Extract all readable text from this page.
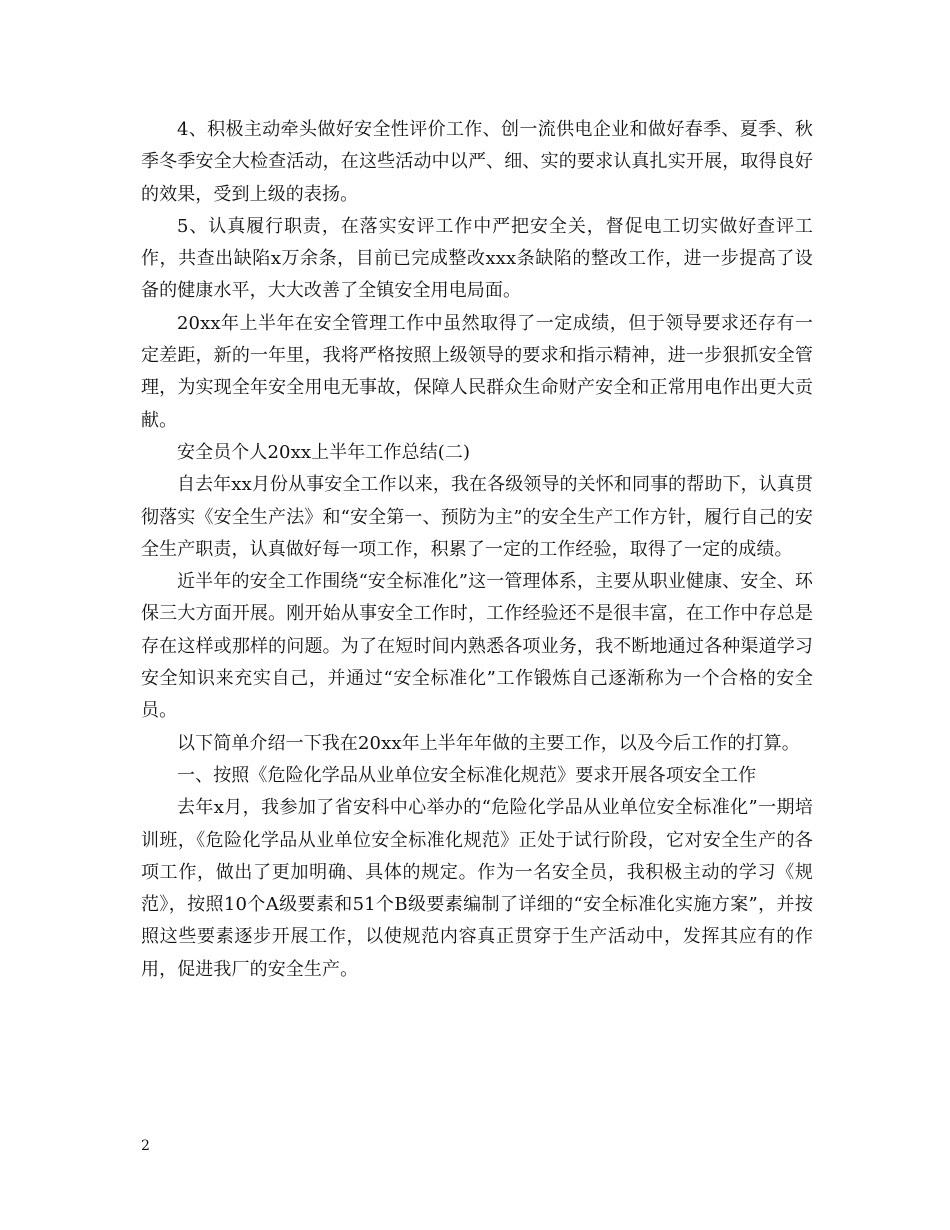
4、积极主动牵头做好安全性评价工作、创一流供电企业和做好春季、夏季、秋季冬季安全大检查活动，在这些活动中以严、细、实的要求认真扎实开展，取得良好的效果，受到上级的表扬。

5、认真履行职责，在落实安评工作中严把安全关，督促电工切实做好查评工作，共查出缺陷x万余条，目前已完成整改xxx条缺陷的整改工作，进一步提高了设备的健康水平，大大改善了全镇安全用电局面。

20xx年上半年在安全管理工作中虽然取得了一定成绩，但于领导要求还存有一定差距，新的一年里，我将严格按照上级领导的要求和指示精神，进一步狠抓安全管理，为实现全年安全用电无事故，保障人民群众生命财产安全和正常用电作出更大贡献。

安全员个人20xx上半年工作总结(二)

自去年xx月份从事安全工作以来，我在各级领导的关怀和同事的帮助下，认真贯彻落实《安全生产法》和“安全第一、预防为主”的安全生产工作方针，履行自己的安全生产职责，认真做好每一项工作，积累了一定的工作经验，取得了一定的成绩。

近半年的安全工作围绕“安全标准化”这一管理体系，主要从职业健康、安全、环保三大方面开展。刚开始从事安全工作时，工作经验还不是很丰富，在工作中存总是存在这样或那样的问题。为了在短时间内熟悉各项业务，我不断地通过各种渠道学习安全知识来充实自己，并通过“安全标准化”工作锻炼自己逐渐称为一个合格的安全员。

以下简单介绍一下我在20xx年上半年年做的主要工作，以及今后工作的打算。

一、按照《危险化学品从业单位安全标准化规范》要求开展各项安全工作

去年x月，我参加了省安科中心举办的“危险化学品从业单位安全标准化”一期培训班，《危险化学品从业单位安全标准化规范》正处于试行阶段，它对安全生产的各项工作，做出了更加明确、具体的规定。作为一名安全员，我积极主动的学习《规范》，按照10个A级要素和51个B级要素编制了详细的“安全标准化实施方案”，并按照这些要素逐步开展工作，以使规范内容真正贯穿于生产活动中，发挥其应有的作用，促进我厂的安全生产。

2
